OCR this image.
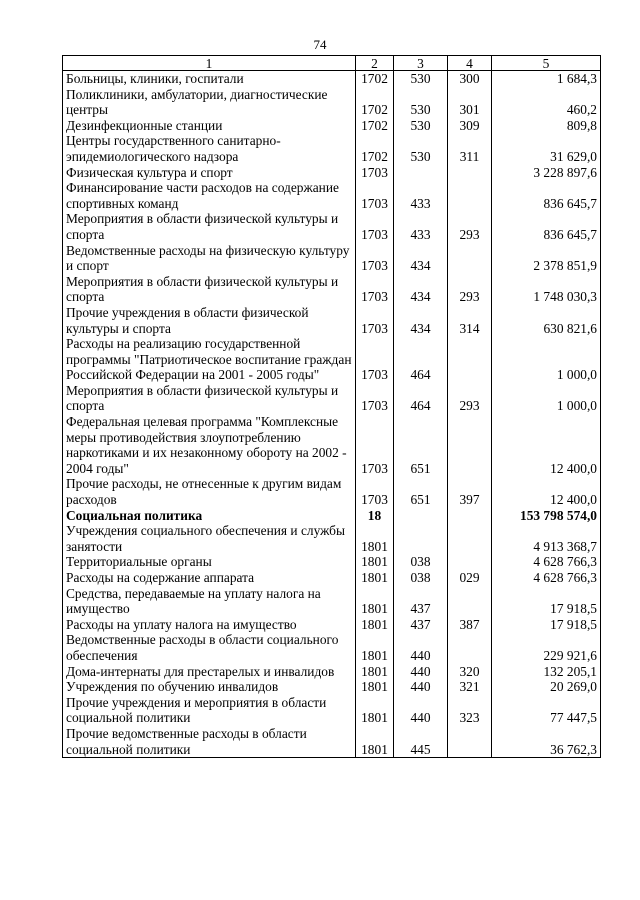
74
1	2	3	4	5
Больницы, клиники, госпитали	1702	530	300	1 684,3
Поликлиники, амбулатории, диагностические центры	1702	530	301	460,2
Дезинфекционные станции	1702	530	309	809,8
Центры государственного санитарно-эпидемиологического надзора	1702	530	311	31 629,0
Физическая культура и спорт	1703			3 228 897,6
Финансирование части расходов на содержание спортивных команд	1703	433		836 645,7
Мероприятия в области физической культуры и спорта	1703	433	293	836 645,7
Ведомственные расходы на физическую культуру и спорт	1703	434		2 378 851,9
Мероприятия в области физической культуры и спорта	1703	434	293	1 748 030,3
Прочие учреждения в области физической культуры и спорта	1703	434	314	630 821,6
Расходы на реализацию государственной программы "Патриотическое воспитание граждан Российской Федерации на 2001 - 2005 годы"	1703	464		1 000,0
Мероприятия в области физической культуры и спорта	1703	464	293	1 000,0
Федеральная целевая программа "Комплексные меры противодействия злоупотреблению наркотиками и их незаконному обороту на 2002 - 2004 годы"	1703	651		12 400,0
Прочие расходы, не отнесенные к другим видам расходов	1703	651	397	12 400,0
Социальная политика	18			153 798 574,0
Учреждения социального обеспечения и службы занятости	1801			4 913 368,7
Территориальные органы	1801	038		4 628 766,3
Расходы на содержание аппарата	1801	038	029	4 628 766,3
Средства, передаваемые на уплату налога на имущество	1801	437		17 918,5
Расходы на уплату налога на имущество	1801	437	387	17 918,5
Ведомственные расходы в области социального обеспечения	1801	440		229 921,6
Дома-интернаты для престарелых и инвалидов	1801	440	320	132 205,1
Учреждения по обучению инвалидов	1801	440	321	20 269,0
Прочие учреждения и мероприятия в области социальной политики	1801	440	323	77 447,5
Прочие ведомственные расходы в области социальной политики	1801	445		36 762,3
